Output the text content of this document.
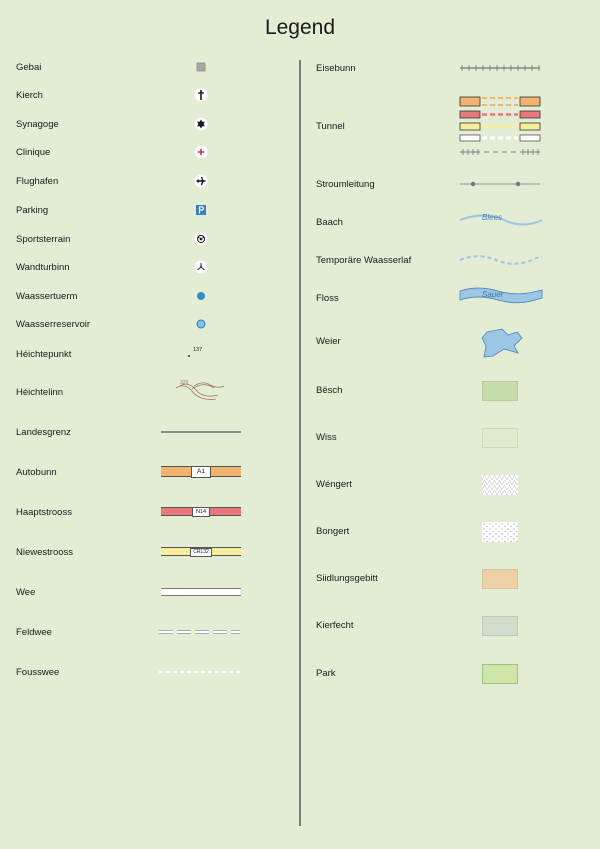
Legend
Gebai
Kierch
Synagoge
Clinique
Flughafen
Parking
Sportsterrain
Wandturbinn
Waassertuerm
Waasserreservoir
Héichtepunkt	137
Héichtelinn
320
Landesgrenz
Autobunn	A1
Haaptstrooss	N14
Niewestrooss	CR132
Wee
Feldwee
Fousswee
Eisebunn
Tunnel
Stroumleitung
Baach	Blees
Temporäre Waasserlaf
Floss	Sauer
Weier
Bësch
Wiss
Wéngert
Bongert
Siidlungsgebitt
Kierfecht
Park
